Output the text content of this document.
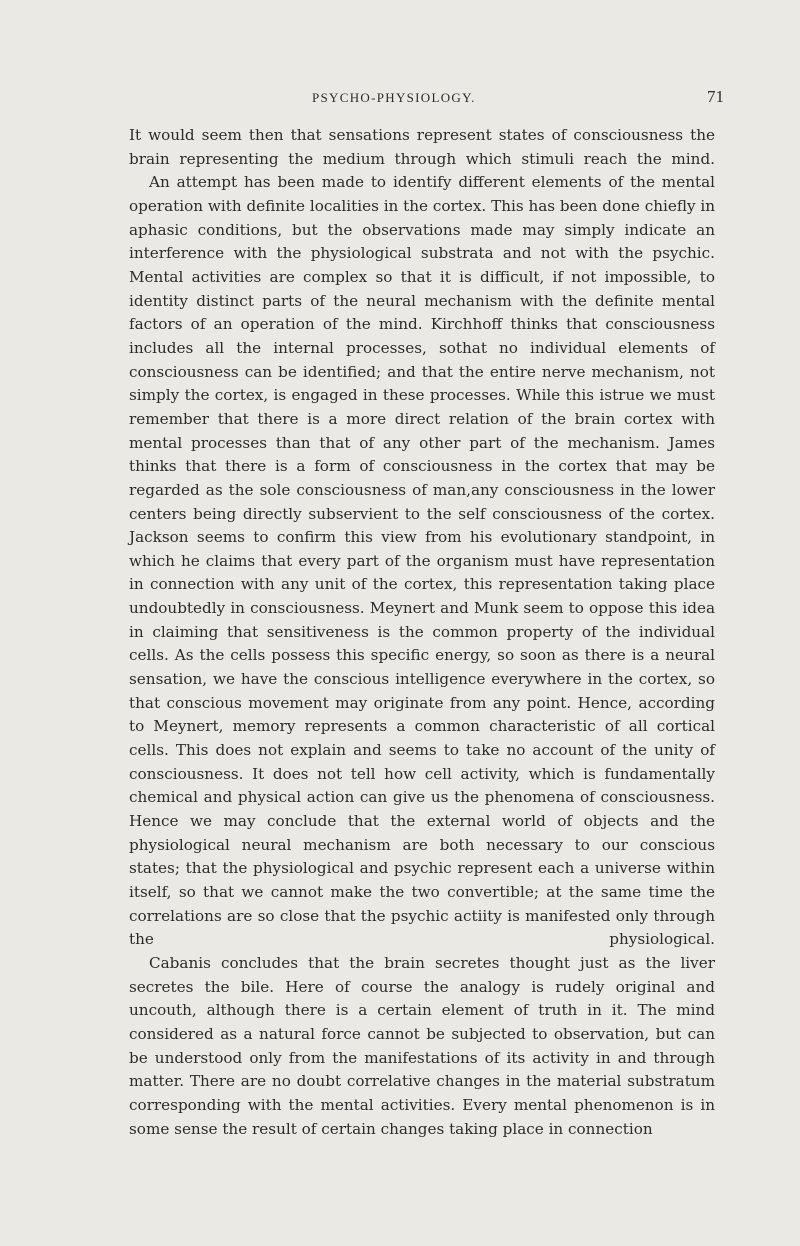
PSYCHO-PHYSIOLOGY.	71

It would seem then that sensations represent states of consciousness the brain representing the medium through which stimuli reach the mind.

An attempt has been made to identify different elements of the mental operation with definite localities in the cortex. This has been done chiefly in aphasic conditions, but the observations made may simply indicate an interference with the physiological substrata and not with the psychic. Mental activities are complex so that it is difficult, if not impossible, to identity distinct parts of the neural mechanism with the definite mental factors of an operation of the mind. Kirchhoff thinks that consciousness includes all the internal processes, sothat no individual elements of consciousness can be identified; and that the entire nerve mechanism, not simply the cortex, is engaged in these processes. While this istrue we must remember that there is a more direct relation of the brain cortex with mental processes than that of any other part of the mechanism. James thinks that there is a form of consciousness in the cortex that may be regarded as the sole consciousness of man,any consciousness in the lower centers being directly subservient to the self consciousness of the cortex. Jackson seems to confirm this view from his evolutionary standpoint, in which he claims that every part of the organism must have representation in connection with any unit of the cortex, this representation taking place undoubtedly in consciousness. Meynert and Munk seem to oppose this idea in claiming that sensitiveness is the common property of the individual cells. As the cells possess this specific energy, so soon as there is a neural sensation, we have the conscious intelligence everywhere in the cortex, so that conscious movement may originate from any point. Hence, according to Meynert, memory represents a common characteristic of all cortical cells. This does not explain and seems to take no account of the unity of consciousness. It does not tell how cell activity, which is fundamentally chemical and physical action can give us the phenomena of consciousness. Hence we may conclude that the external world of objects and the physiological neural mechanism are both necessary to our conscious states; that the physiological and psychic represent each a universe within itself, so that we cannot make the two convertible; at the same time the correlations are so close that the psychic actiity is manifested only through the physiological.

Cabanis concludes that the brain secretes thought just as the liver secretes the bile. Here of course the analogy is rudely original and uncouth, although there is a certain element of truth in it. The mind considered as a natural force cannot be subjected to observation, but can be understood only from the manifestations of its activity in and through matter. There are no doubt correlative changes in the material substratum corresponding with the mental activities. Every mental phenomenon is in some sense the result of certain changes taking place in connection
